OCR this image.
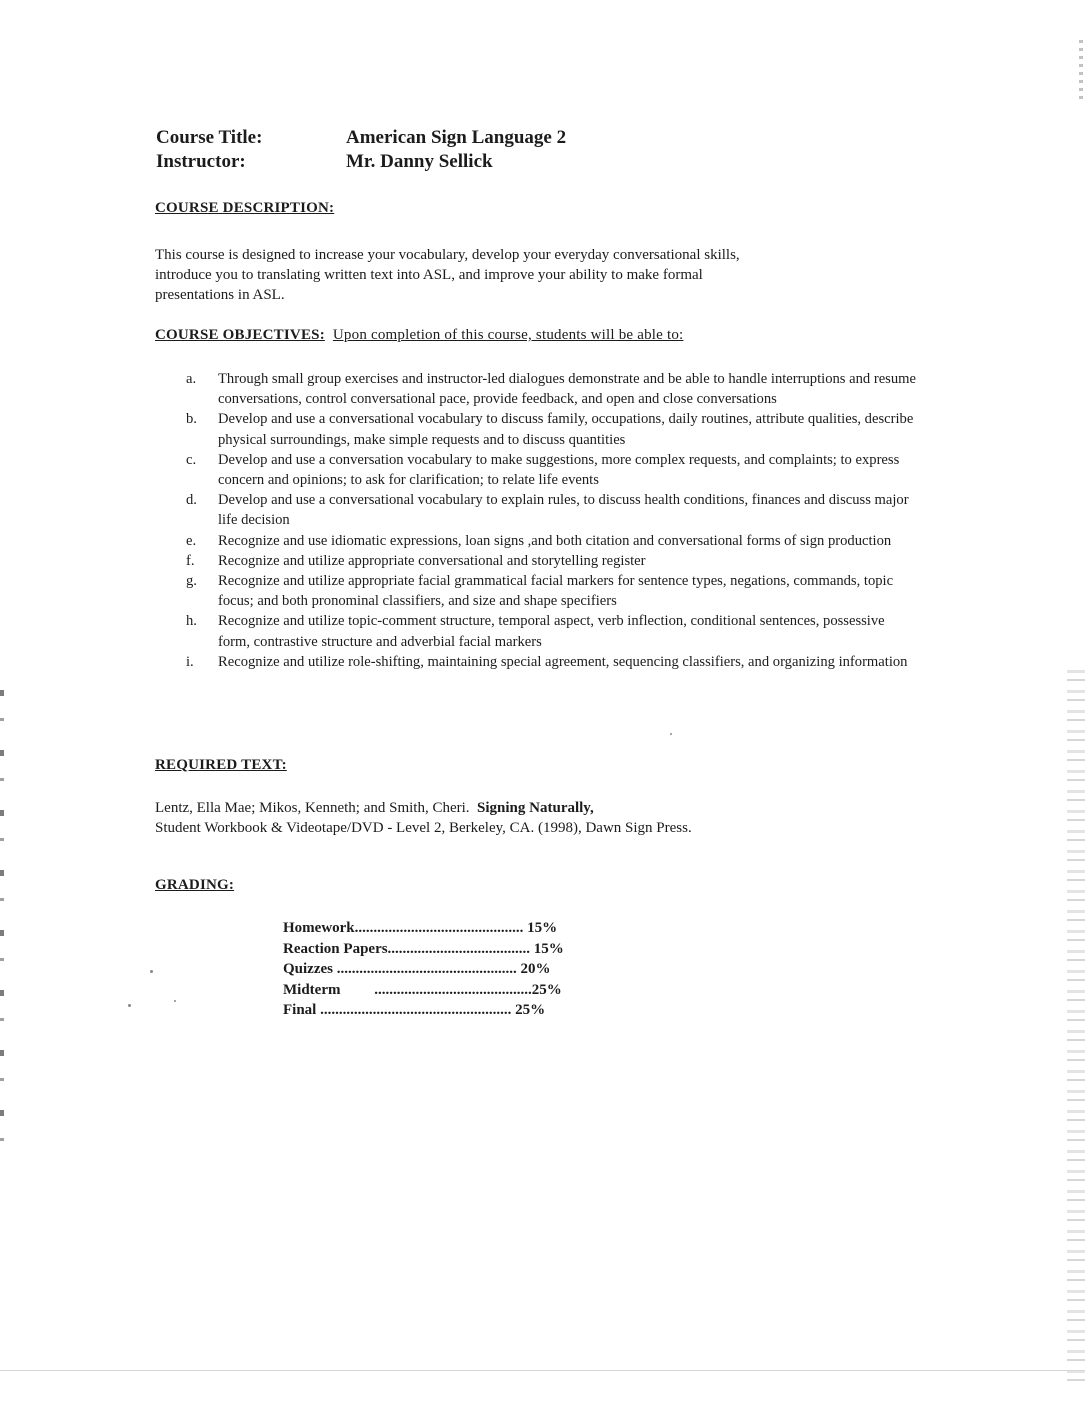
Course Title:	American Sign Language 2
Instructor:	Mr. Danny Sellick
COURSE DESCRIPTION:
This course is designed to increase your vocabulary, develop your everyday conversational skills,
introduce you to translating written text into ASL, and improve your ability to make formal
presentations in ASL.
COURSE OBJECTIVES: Upon completion of this course, students will be able to:
a.	Through small group exercises and instructor-led dialogues demonstrate and be able to handle interruptions and resume conversations, control conversational pace, provide feedback, and open and close conversations
b.	Develop and use a conversational vocabulary to discuss family, occupations, daily routines, attribute qualities, describe physical surroundings, make simple requests and to discuss quantities
c.	Develop and use a conversation vocabulary to make suggestions, more complex requests, and complaints; to express concern and opinions; to ask for clarification; to relate life events
d.	Develop and use a conversational vocabulary to explain rules, to discuss health conditions, finances and discuss major life decision
e.	Recognize and use idiomatic expressions, loan signs ,and both citation and conversational forms of sign production
f.	Recognize and utilize appropriate conversational and storytelling register
g.	Recognize and utilize appropriate facial grammatical facial markers for sentence types, negations, commands, topic focus; and both pronominal classifiers, and size and shape specifiers
h.	Recognize and utilize topic-comment structure, temporal aspect, verb inflection, conditional sentences, possessive form, contrastive structure and adverbial facial markers
i.	Recognize and utilize role-shifting, maintaining special agreement, sequencing classifiers, and organizing information
REQUIRED TEXT:
Lentz, Ella Mae; Mikos, Kenneth; and Smith, Cheri. Signing Naturally,
Student Workbook & Videotape/DVD - Level 2, Berkeley, CA. (1998), Dawn Sign Press.
GRADING:
Homework............................................. 15%
Reaction Papers...................................... 15%
Quizzes ................................................ 20%
Midterm         ..........................................25%
Final ................................................... 25%
